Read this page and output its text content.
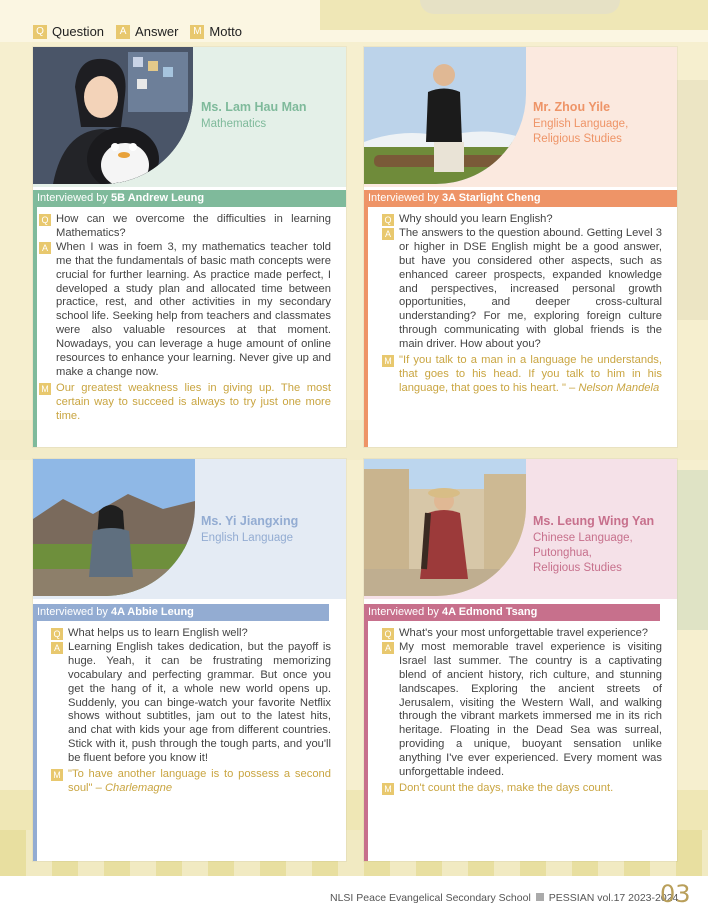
Q Question	A Answer M Motto
Ms. Lam Hau Man
Mathematics
Interviewed by 5B Andrew Leung
Q How can we overcome the difficulties in learning Mathematics?
A When I was in foem 3, my mathematics teacher told me that the fundamentals of basic math concepts were crucial for further learning. As practice made perfect, I developed a study plan and allocated time between practice, rest, and other activities in my secondary school life. Seeking help from teachers and classmates were also valuable resources at that moment. Nowadays, you can leverage a huge amount of online resources to enhance your learning. Never give up and make a change now.
M Our greatest weakness lies in giving up. The most certain way to succeed is always to try just one more time.
Mr. Zhou Yile
English Language,
Religious Studies
Interviewed by 3A Starlight Cheng
Q Why should you learn English?
A The answers to the question abound. Getting Level 3 or higher in DSE English might be a good answer, but have you considered other aspects, such as enhanced career prospects, expanded knowledge and perspectives, increased personal growth opportunities, and deeper cross-cultural understanding? For me, exploring foreign culture through communicating with global friends is the main driver. How about you?
M "If you talk to a man in a language he understands, that goes to his head. If you talk to him in his language, that goes to his heart. " – Nelson Mandela
Ms. Yi Jiangxing
English Language
Interviewed by 4A Abbie Leung
Q What helps us to learn English well?
A Learning English takes dedication, but the payoff is huge. Yeah, it can be frustrating memorizing vocabulary and perfecting grammar. But once you get the hang of it, a whole new world opens up. Suddenly, you can binge-watch your favorite Netflix shows without subtitles, jam out to the latest hits, and chat with kids your age from different countries. Stick with it, push through the tough parts, and you'll be fluent before you know it!
M "To have another language is to possess a second soul" – Charlemagne
Ms. Leung Wing Yan
Chinese Language,
Putonghua,
Religious Studies
Interviewed by 4A Edmond Tsang
Q What's your most unforgettable travel experience?
A My most memorable travel experience is visiting Israel last summer. The country is a captivating blend of ancient history, rich culture, and stunning landscapes. Exploring the ancient streets of Jerusalem, visiting the Western Wall, and walking through the vibrant markets immersed me in its rich heritage. Floating in the Dead Sea was surreal, providing a unique, buoyant sensation unlike anything I've ever experienced. Every moment was unforgettable indeed.
M Don't count the days, make the days count.
NLSI Peace Evangelical Secondary School PESSIAN vol.17 2023-2024
03
